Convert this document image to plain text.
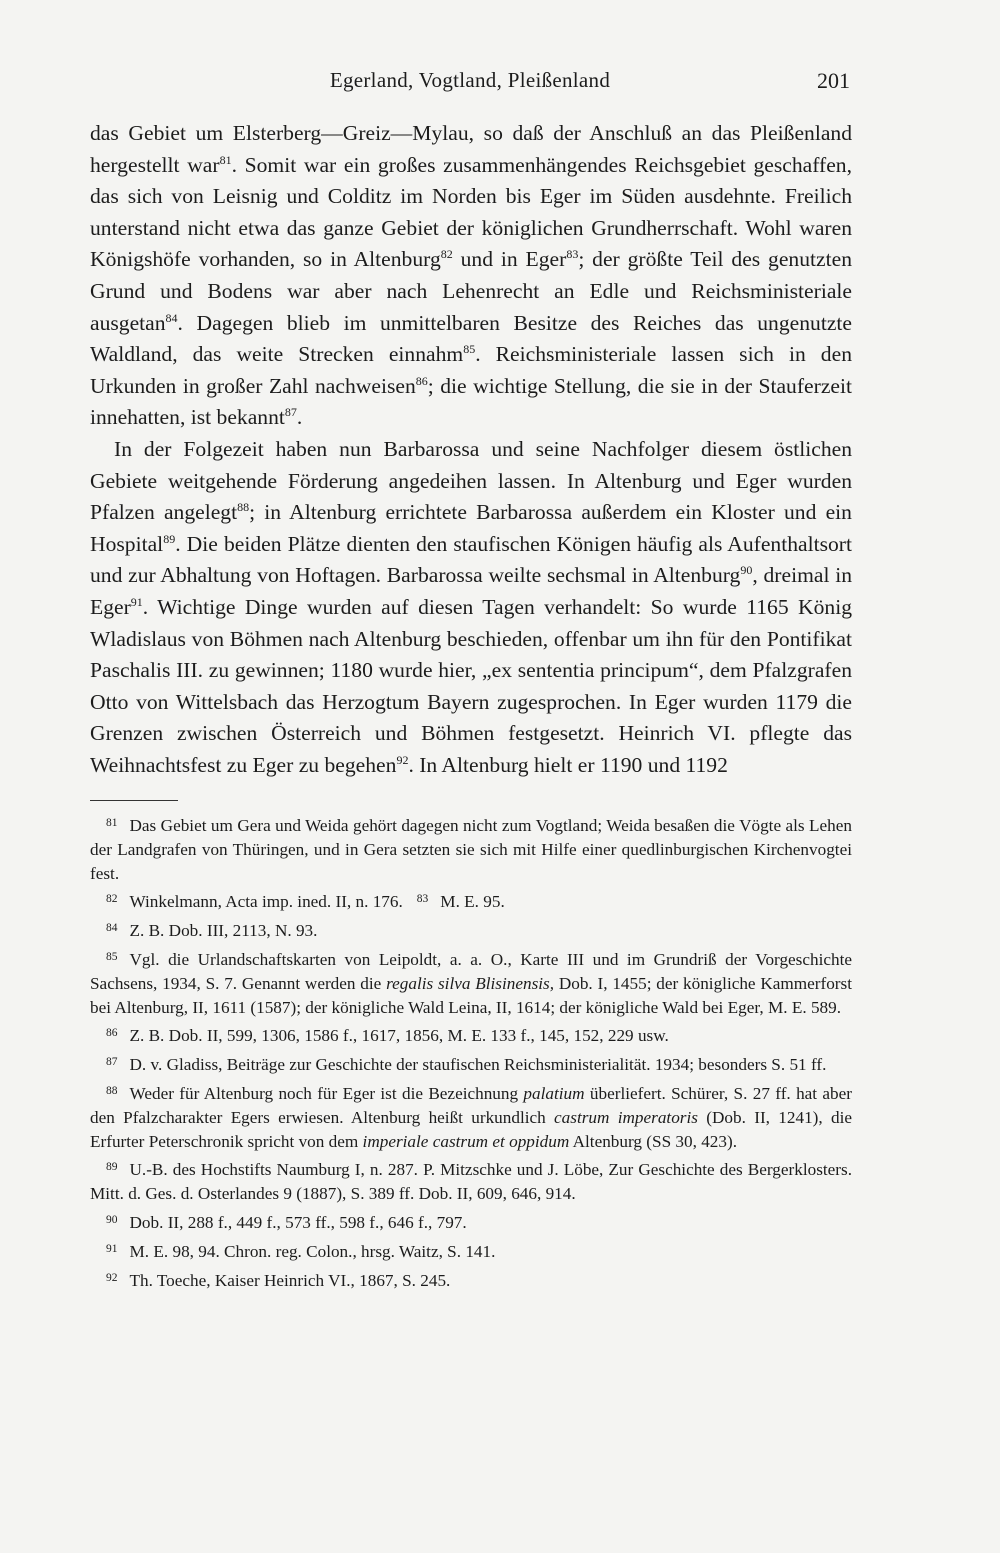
Egerland, Vogtland, Pleißenland	201

das Gebiet um Elsterberg—Greiz—Mylau, so daß der Anschluß an das Pleißenland hergestellt war$^{81}$. Somit war ein großes zusammenhängendes Reichsgebiet geschaffen, das sich von Leisnig und Colditz im Norden bis Eger im Süden ausdehnte. Freilich unterstand nicht etwa das ganze Gebiet der königlichen Grundherrschaft. Wohl waren Königshöfe vorhanden, so in Altenburg$^{82}$ und in Eger$^{83}$; der größte Teil des genutzten Grund und Bodens war aber nach Lehenrecht an Edle und Reichsministeriale ausgetan$^{84}$. Dagegen blieb im unmittelbaren Besitze des Reiches das ungenutzte Waldland, das weite Strecken einnahm$^{85}$. Reichsministeriale lassen sich in den Urkunden in großer Zahl nachweisen$^{86}$; die wichtige Stellung, die sie in der Stauferzeit innehatten, ist bekannt$^{87}$.

In der Folgezeit haben nun Barbarossa und seine Nachfolger diesem östlichen Gebiete weitgehende Förderung angedeihen lassen. In Altenburg und Eger wurden Pfalzen angelegt$^{88}$; in Altenburg errichtete Barbarossa außerdem ein Kloster und ein Hospital$^{89}$. Die beiden Plätze dienten den staufischen Königen häufig als Aufenthaltsort und zur Abhaltung von Hoftagen. Barbarossa weilte sechsmal in Altenburg$^{90}$, dreimal in Eger$^{91}$. Wichtige Dinge wurden auf diesen Tagen verhandelt: So wurde 1165 König Wladislaus von Böhmen nach Altenburg beschieden, offenbar um ihn für den Pontifikat Paschalis III. zu gewinnen; 1180 wurde hier, „ex sententia principum“, dem Pfalzgrafen Otto von Wittelsbach das Herzogtum Bayern zugesprochen. In Eger wurden 1179 die Grenzen zwischen Österreich und Böhmen festgesetzt. Heinrich VI. pflegte das Weihnachtsfest zu Eger zu begehen$^{92}$. In Altenburg hielt er 1190 und 1192

$^{81}$ Das Gebiet um Gera und Weida gehört dagegen nicht zum Vogtland; Weida besaßen die Vögte als Lehen der Landgrafen von Thüringen, und in Gera setzten sie sich mit Hilfe einer quedlinburgischen Kirchenvogtei fest.

$^{82}$ Winkelmann, Acta imp. ined. II, n. 176. $^{83}$ M. E. 95.

$^{84}$ Z. B. Dob. III, 2113, N. 93.

$^{85}$ Vgl. die Urlandschaftskarten von Leipoldt, a. a. O., Karte III und im Grundriß der Vorgeschichte Sachsens, 1934, S. 7. Genannt werden die regalis silva Blisinensis, Dob. I, 1455; der königliche Kammerforst bei Altenburg, II, 1611 (1587); der königliche Wald Leina, II, 1614; der königliche Wald bei Eger, M. E. 589.

$^{86}$ Z. B. Dob. II, 599, 1306, 1586 f., 1617, 1856, M. E. 133 f., 145, 152, 229 usw.

$^{87}$ D. v. Gladiss, Beiträge zur Geschichte der staufischen Reichsministerialität. 1934; besonders S. 51 ff.

$^{88}$ Weder für Altenburg noch für Eger ist die Bezeichnung palatium überliefert. Schürer, S. 27 ff. hat aber den Pfalzcharakter Egers erwiesen. Altenburg heißt urkundlich castrum imperatoris (Dob. II, 1241), die Erfurter Peterschronik spricht von dem imperiale castrum et oppidum Altenburg (SS 30, 423).

$^{89}$ U.-B. des Hochstifts Naumburg I, n. 287. P. Mitzschke und J. Löbe, Zur Geschichte des Bergerklosters. Mitt. d. Ges. d. Osterlandes 9 (1887), S. 389 ff. Dob. II, 609, 646, 914.

$^{90}$ Dob. II, 288 f., 449 f., 573 ff., 598 f., 646 f., 797.

$^{91}$ M. E. 98, 94. Chron. reg. Colon., hrsg. Waitz, S. 141.

$^{92}$ Th. Toeche, Kaiser Heinrich VI., 1867, S. 245.
